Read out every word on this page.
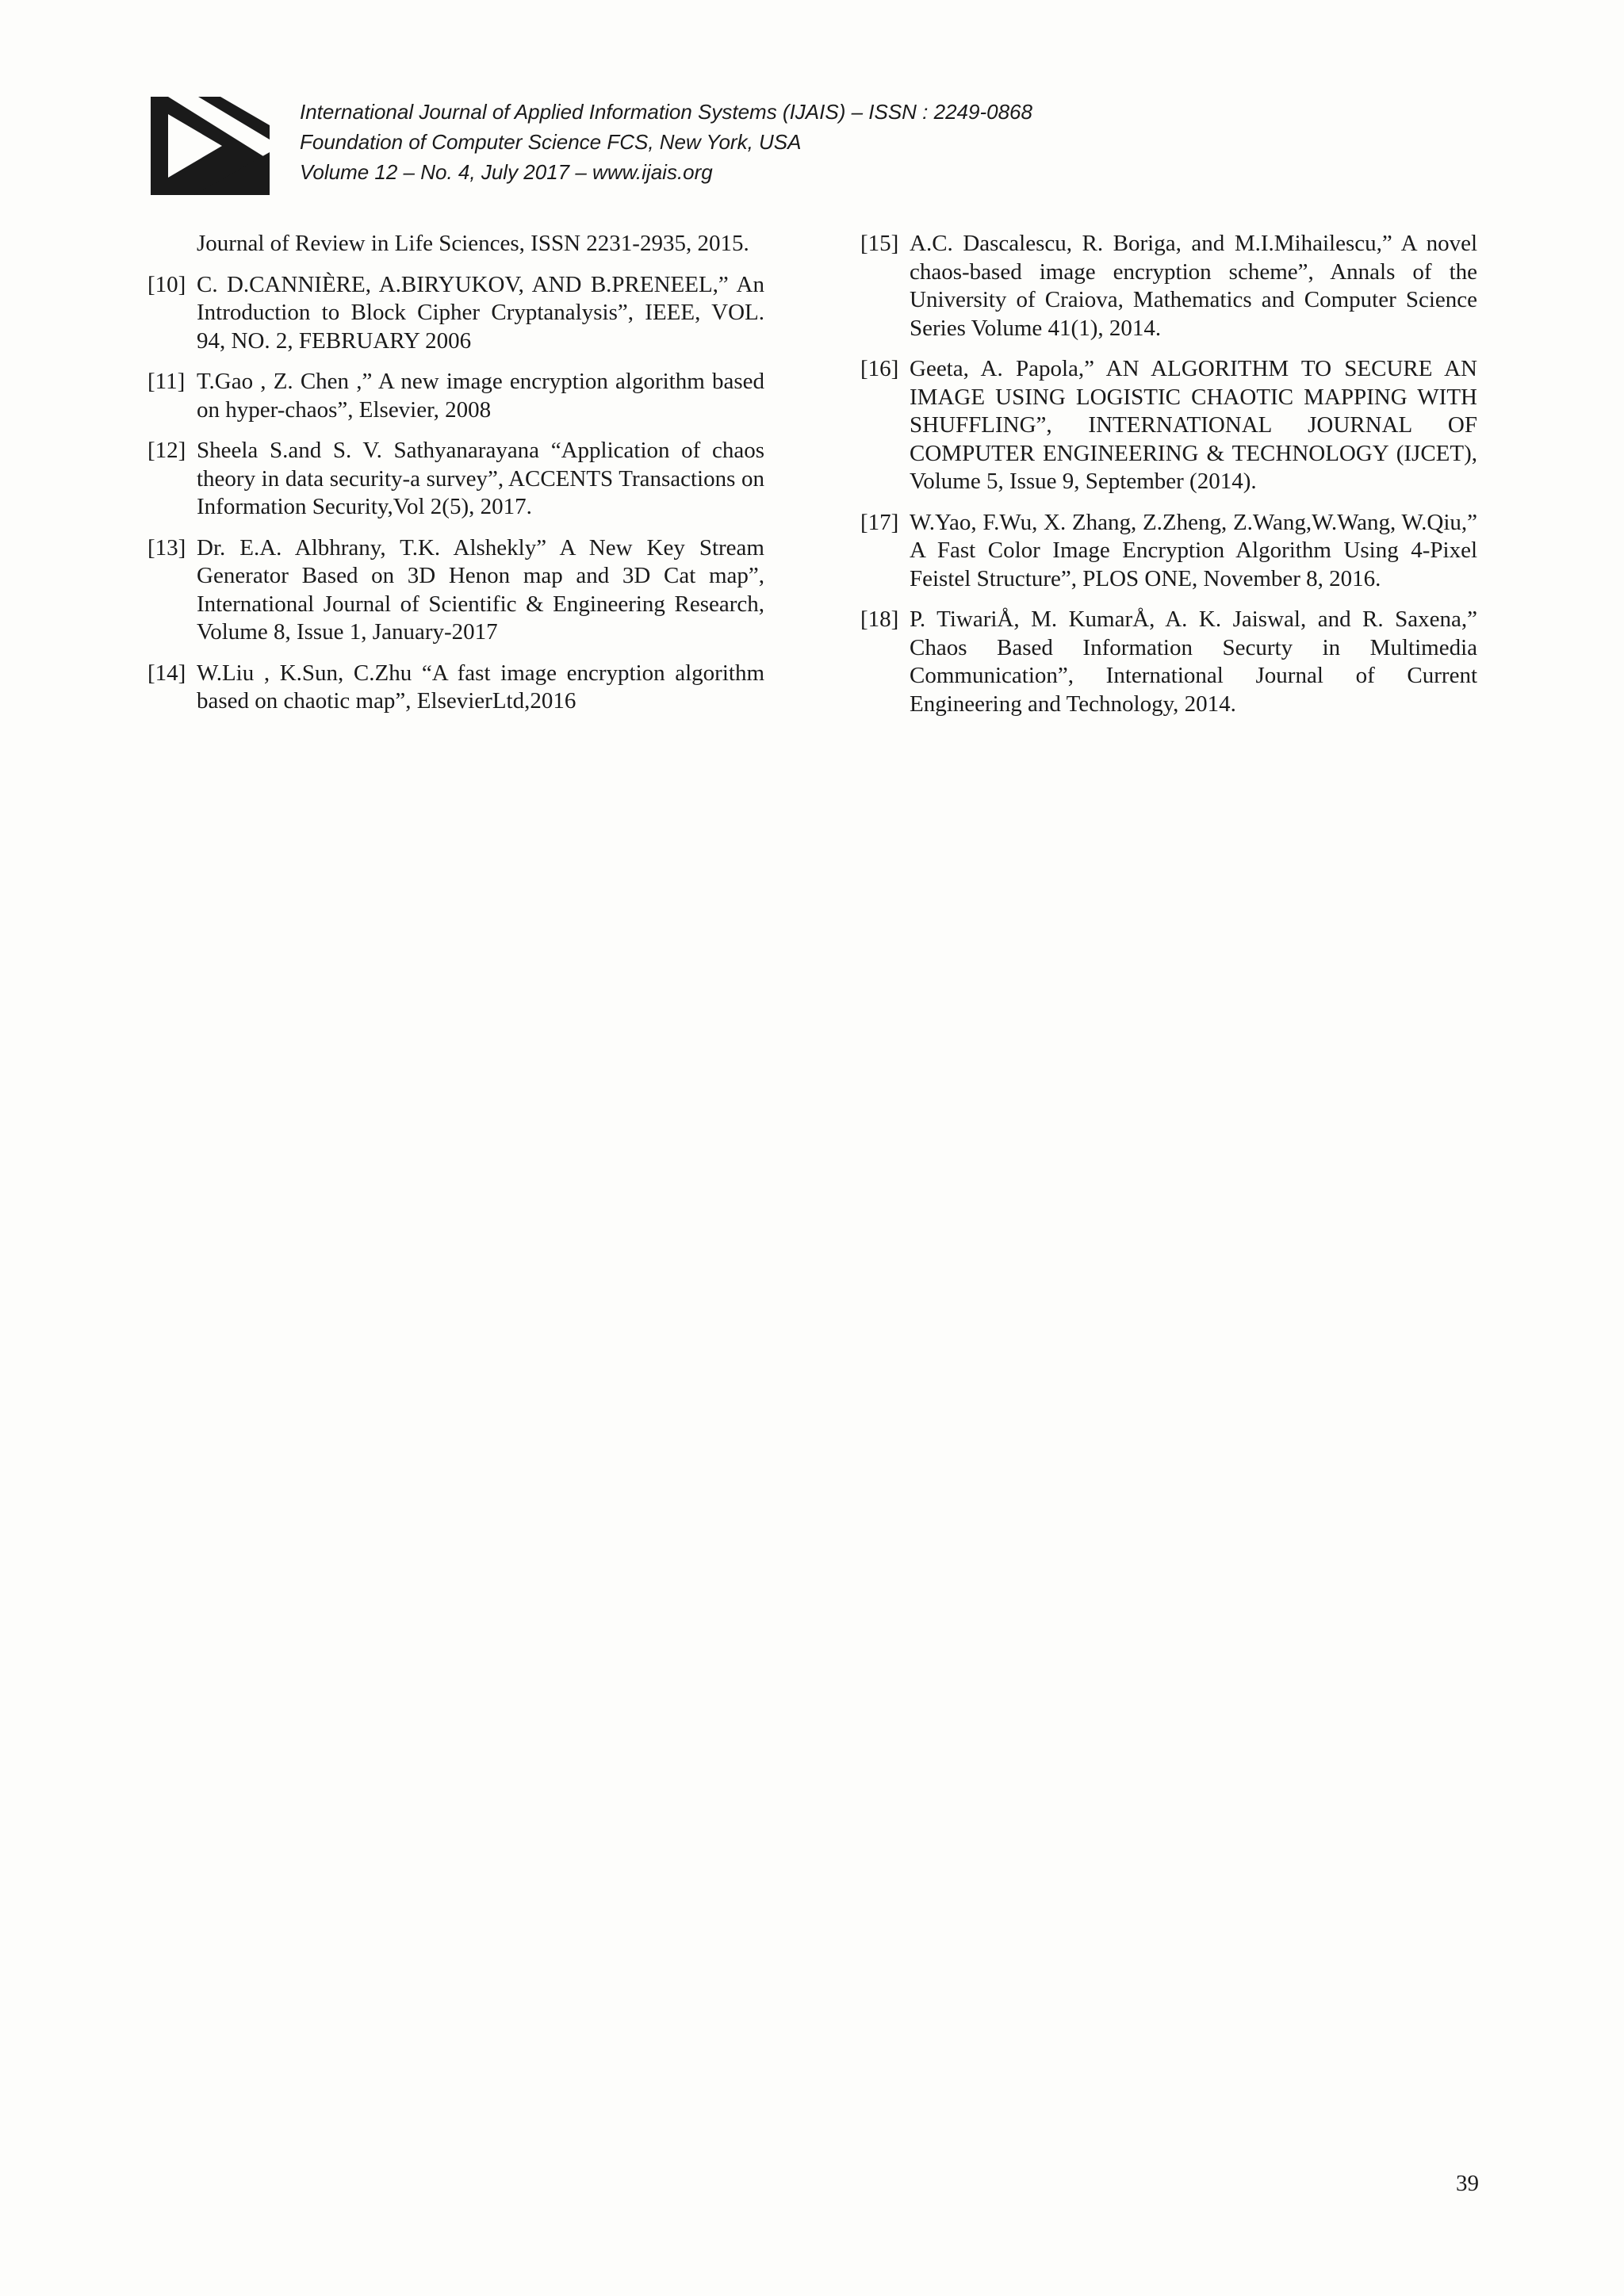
International Journal of Applied Information Systems (IJAIS) – ISSN : 2249-0868
Foundation of Computer Science FCS, New York, USA
Volume 12 – No. 4, July 2017 – www.ijais.org
Journal of Review in Life Sciences, ISSN 2231-2935, 2015.
[10] C. D.CANNIÈRE, A.BIRYUKOV, AND B.PRENEEL,” An Introduction to Block Cipher Cryptanalysis”, IEEE, VOL. 94, NO. 2, FEBRUARY 2006
[11] T.Gao , Z. Chen ,” A new image encryption algorithm based on hyper-chaos”, Elsevier, 2008
[12] Sheela S.and S. V. Sathyanarayana “Application of chaos theory in data security-a survey”, ACCENTS Transactions on Information Security,Vol 2(5), 2017.
[13] Dr. E.A. Albhrany, T.K. Alshekly” A New Key Stream Generator Based on 3D Henon map and 3D Cat map”, International Journal of Scientific & Engineering Research, Volume 8, Issue 1, January-2017
[14] W.Liu , K.Sun, C.Zhu “A fast image encryption algorithm based on chaotic map”, ElsevierLtd,2016
[15] A.C. Dascalescu, R. Boriga, and M.I.Mihailescu,” A novel chaos-based image encryption scheme”, Annals of the University of Craiova, Mathematics and Computer Science Series Volume 41(1), 2014.
[16] Geeta, A. Papola,” AN ALGORITHM TO SECURE AN IMAGE USING LOGISTIC CHAOTIC MAPPING WITH SHUFFLING”, INTERNATIONAL JOURNAL OF COMPUTER ENGINEERING & TECHNOLOGY (IJCET), Volume 5, Issue 9, September (2014).
[17] W.Yao, F.Wu, X. Zhang, Z.Zheng, Z.Wang,W.Wang, W.Qiu,” A Fast Color Image Encryption Algorithm Using 4-Pixel Feistel Structure”, PLOS ONE, November 8, 2016.
[18] P. TiwariÅ, M. KumarÅ, A. K. Jaiswal, and R. Saxena,” Chaos Based Information Securty in Multimedia Communication”, International Journal of Current Engineering and Technology, 2014.
39
